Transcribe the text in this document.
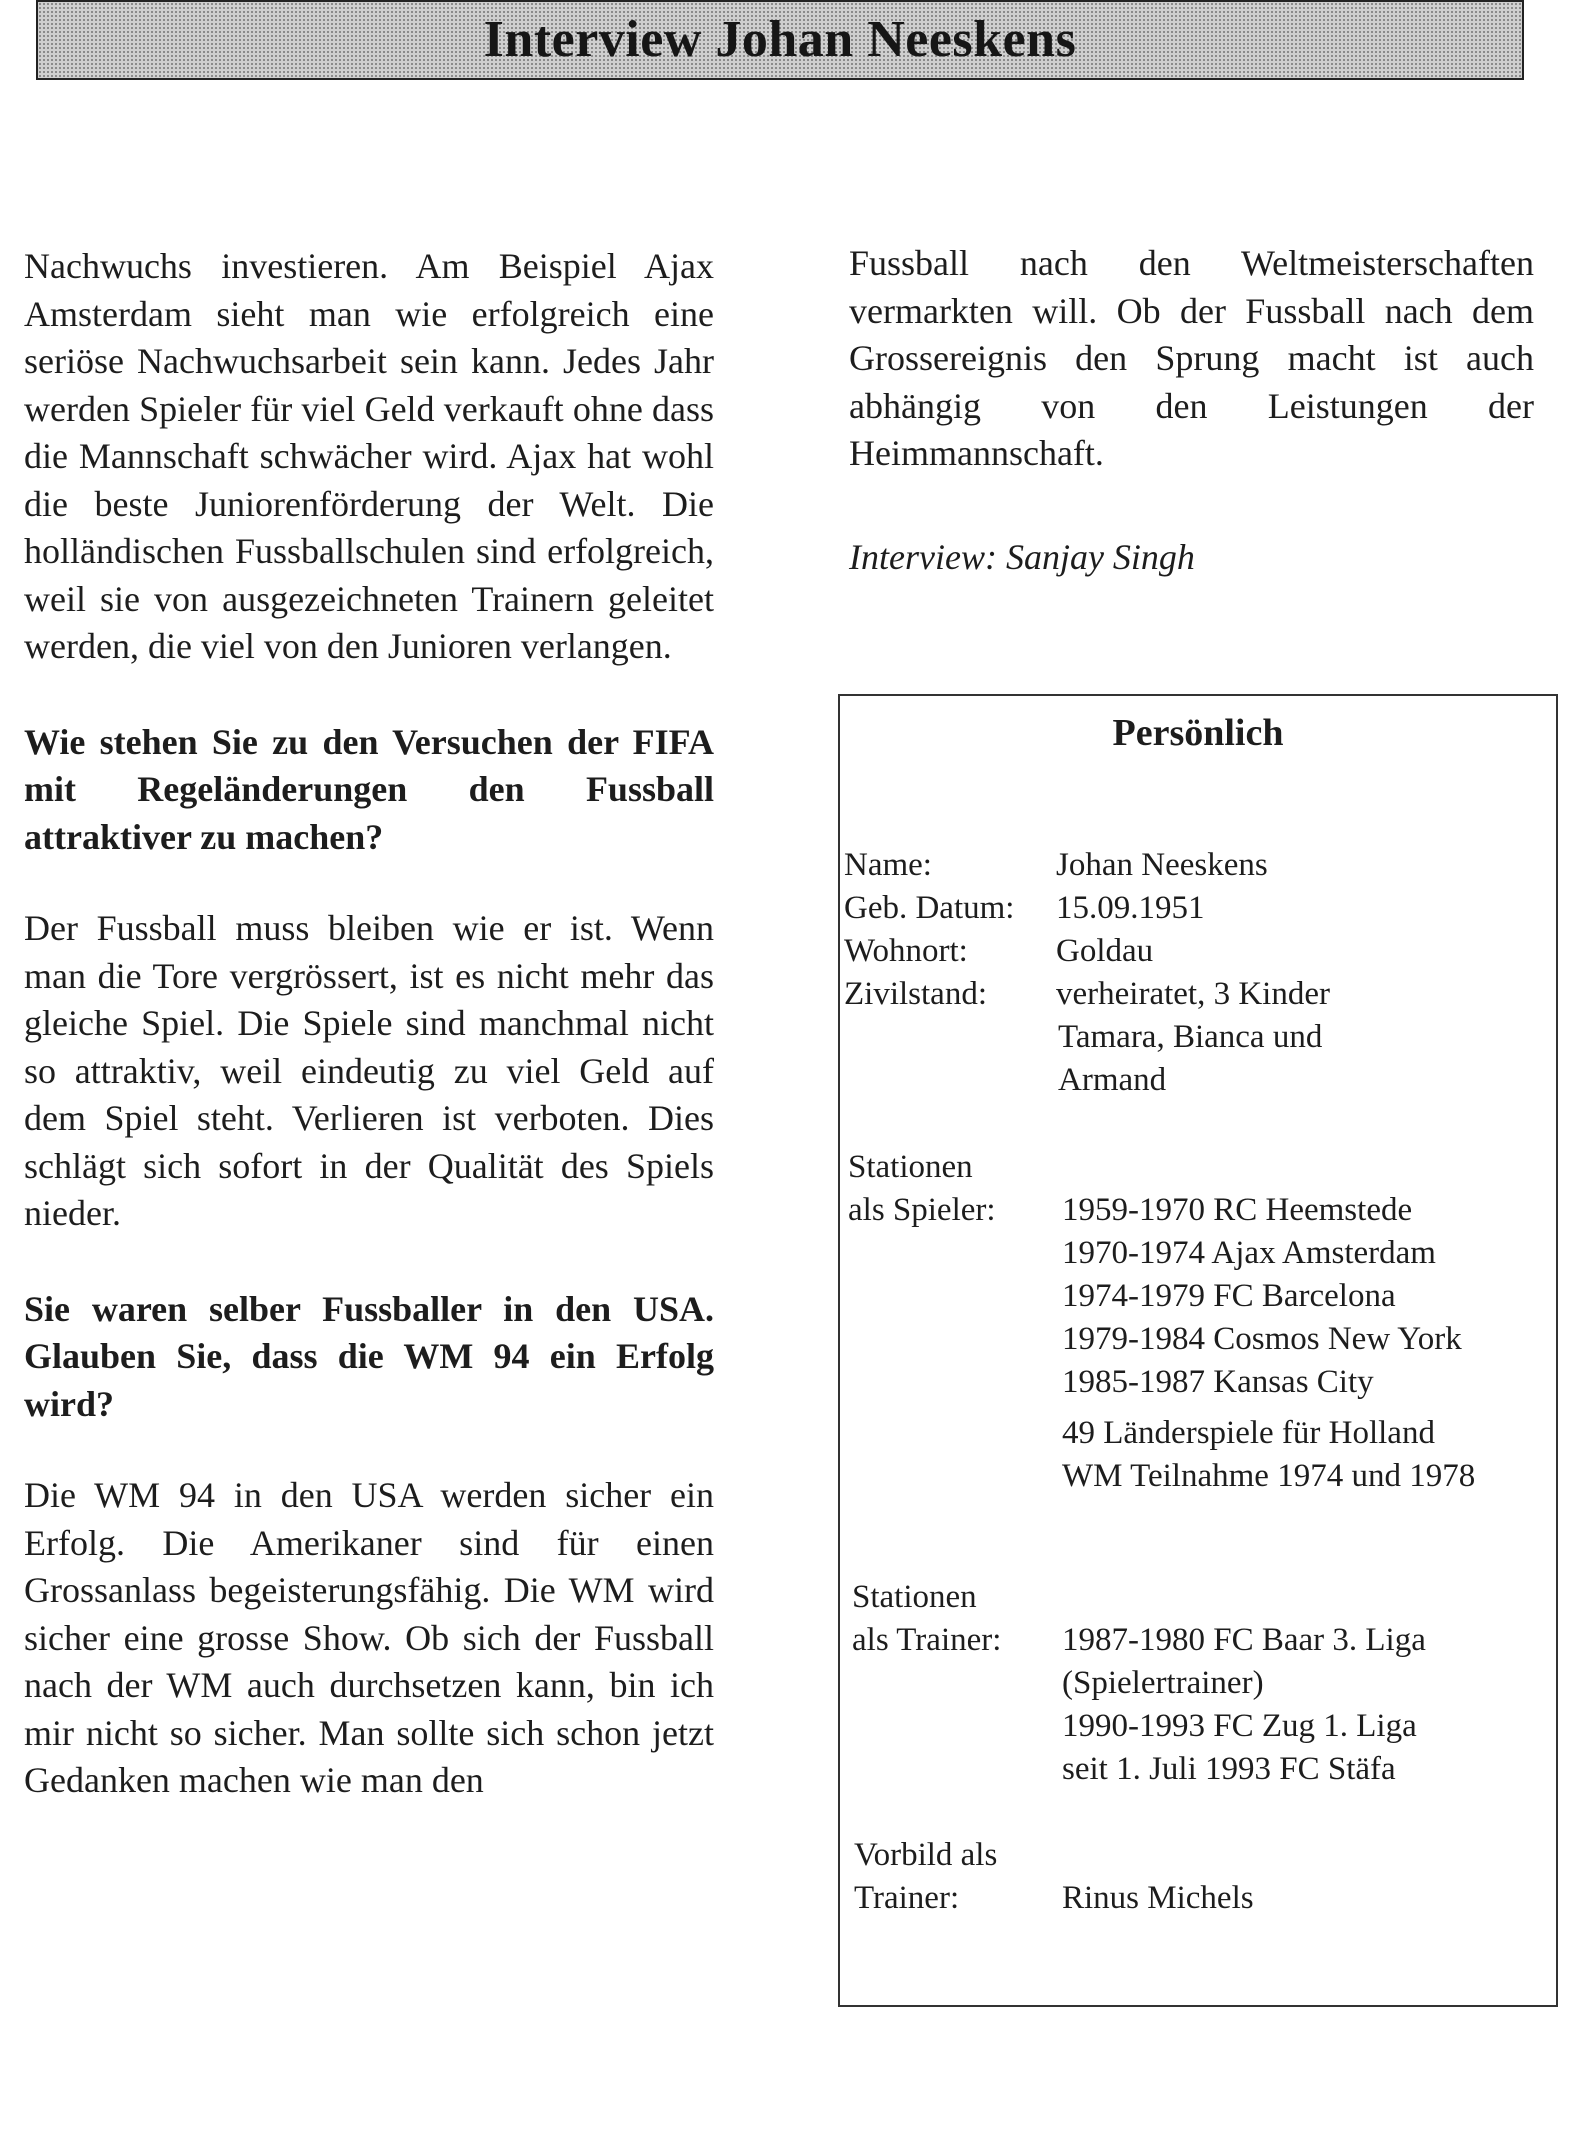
Interview Johan Neeskens

Nachwuchs investieren. Am Beispiel Ajax Amsterdam sieht man wie erfolgreich eine seriöse Nachwuchsarbeit sein kann. Jedes Jahr werden Spieler für viel Geld verkauft ohne dass die Mannschaft schwächer wird. Ajax hat wohl die beste Juniorenförderung der Welt. Die holländischen Fussballschulen sind erfolgreich, weil sie von ausgezeichneten Trainern geleitet werden, die viel von den Junioren verlangen.

Wie stehen Sie zu den Versuchen der FIFA mit Regeländerungen den Fussball attraktiver zu machen?

Der Fussball muss bleiben wie er ist. Wenn man die Tore vergrössert, ist es nicht mehr das gleiche Spiel. Die Spiele sind manchmal nicht so attraktiv, weil eindeutig zu viel Geld auf dem Spiel steht. Verlieren ist verboten. Dies schlägt sich sofort in der Qualität des Spiels nieder.

Sie waren selber Fussballer in den USA. Glauben Sie, dass die WM 94 ein Erfolg wird?

Die WM 94 in den USA werden sicher ein Erfolg. Die Amerikaner sind für einen Grossanlass begeisterungsfähig. Die WM wird sicher eine grosse Show. Ob sich der Fussball nach der WM auch durchsetzen kann, bin ich mir nicht so sicher. Man sollte sich schon jetzt Gedanken machen wie man den

Fussball nach den Weltmeisterschaften vermarkten will. Ob der Fussball nach dem Grossereignis den Sprung macht ist auch abhängig von den Leistungen der Heimmannschaft.

Interview: Sanjay Singh

Persönlich
Name:	Johan Neeskens
Geb. Datum:	15.09.1951
Wohnort:	Goldau
Zivilstand:	verheiratet, 3 Kinder
Tamara, Bianca und
Armand
Stationen
als Spieler:	1959-1970 RC Heemstede
1970-1974 Ajax Amsterdam
1974-1979 FC Barcelona
1979-1984 Cosmos New York
1985-1987 Kansas City
49 Länderspiele für Holland
WM Teilnahme 1974 und 1978
Stationen
als Trainer:	1987-1980 FC Baar 3. Liga
(Spielertrainer)
1990-1993 FC Zug 1. Liga
seit 1. Juli 1993 FC Stäfa
Vorbild als
Trainer:	Rinus Michels
